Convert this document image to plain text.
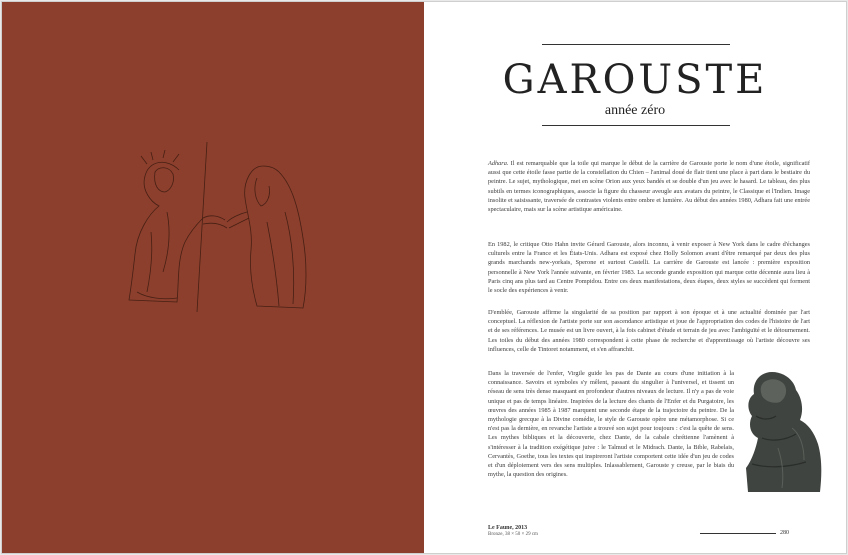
GAROUSTE
année zéro
Adhara. Il est remarquable que la toile qui marque le début de la carrière de Garouste porte le nom d'une étoile, significatif aussi que cette étoile fasse partie de la constellation du Chien – l'animal doué de flair tient une place à part dans le bestiaire du peintre. Le sujet, mythologique, met en scène Orion aux yeux bandés et se double d'un jeu avec le hasard. Le tableau, des plus subtils en termes iconographiques, associe la figure du chasseur aveugle aux avatars du peintre, le Classique et l'Indien. Image insolite et saisissante, traversée de contrastes violents entre ombre et lumière. Au début des années 1980, Adhara fait une entrée spectaculaire, mais sur la scène artistique américaine.
En 1982, le critique Otto Hahn invite Gérard Garouste, alors inconnu, à venir exposer à New York dans le cadre d'échanges culturels entre la France et les États-Unis. Adhara est exposé chez Holly Solomon avant d'être remarqué par deux des plus grands marchands new-yorkais, Sperone et surtout Castelli. La carrière de Garouste est lancée : première exposition personnelle à New York l'année suivante, en février 1983. La seconde grande exposition qui marque cette décennie aura lieu à Paris cinq ans plus tard au Centre Pompidou. Entre ces deux manifestations, deux étapes, deux styles se succèdent qui forment le socle des expériences à venir.
D'emblée, Garouste affirme la singularité de sa position par rapport à son époque et à une actualité dominée par l'art conceptuel. La réflexion de l'artiste porte sur son ascendance artistique et joue de l'appropriation des codes de l'histoire de l'art et de ses références. Le musée est un livre ouvert, à la fois cabinet d'étude et terrain de jeu avec l'ambiguïté et le détournement. Les toiles du début des années 1980 correspondent à cette phase de recherche et d'apprentissage où l'artiste découvre ses influences, celle de Tintoret notamment, et s'en affranchit.
Dans la traversée de l'enfer, Virgile guide les pas de Dante au cours d'une initiation à la connaissance. Savoirs et symboles s'y mêlent, passant du singulier à l'universel, et tissent un réseau de sens très dense masquant en profondeur d'autres niveaux de lecture. Il n'y a pas de voie unique et pas de temps linéaire. Inspirées de la lecture des chants de l'Enfer et du Purgatoire, les œuvres des années 1985 à 1987 marquent une seconde étape de la trajectoire du peintre. De la mythologie grecque à la Divine comédie, le style de Garouste opère une métamorphose. Si ce n'est pas la dernière, en revanche l'artiste a trouvé son sujet pour toujours : c'est la quête de sens. Les mythes bibliques et la découverte, chez Dante, de la cabale chrétienne l'amènent à s'intéresser à la tradition exégétique juive : le Talmud et le Midrach. Dante, la Bible, Rabelais, Cervantès, Goethe, tous les textes qui inspireront l'artiste comportent cette idée d'un jeu de codes et d'un déploiement vers des sens multiples. Inlassablement, Garouste y creuse, par le biais du mythe, la question des origines.
Le Faune, 2013
Bronze, 38 × 50 × 29 cm	280
